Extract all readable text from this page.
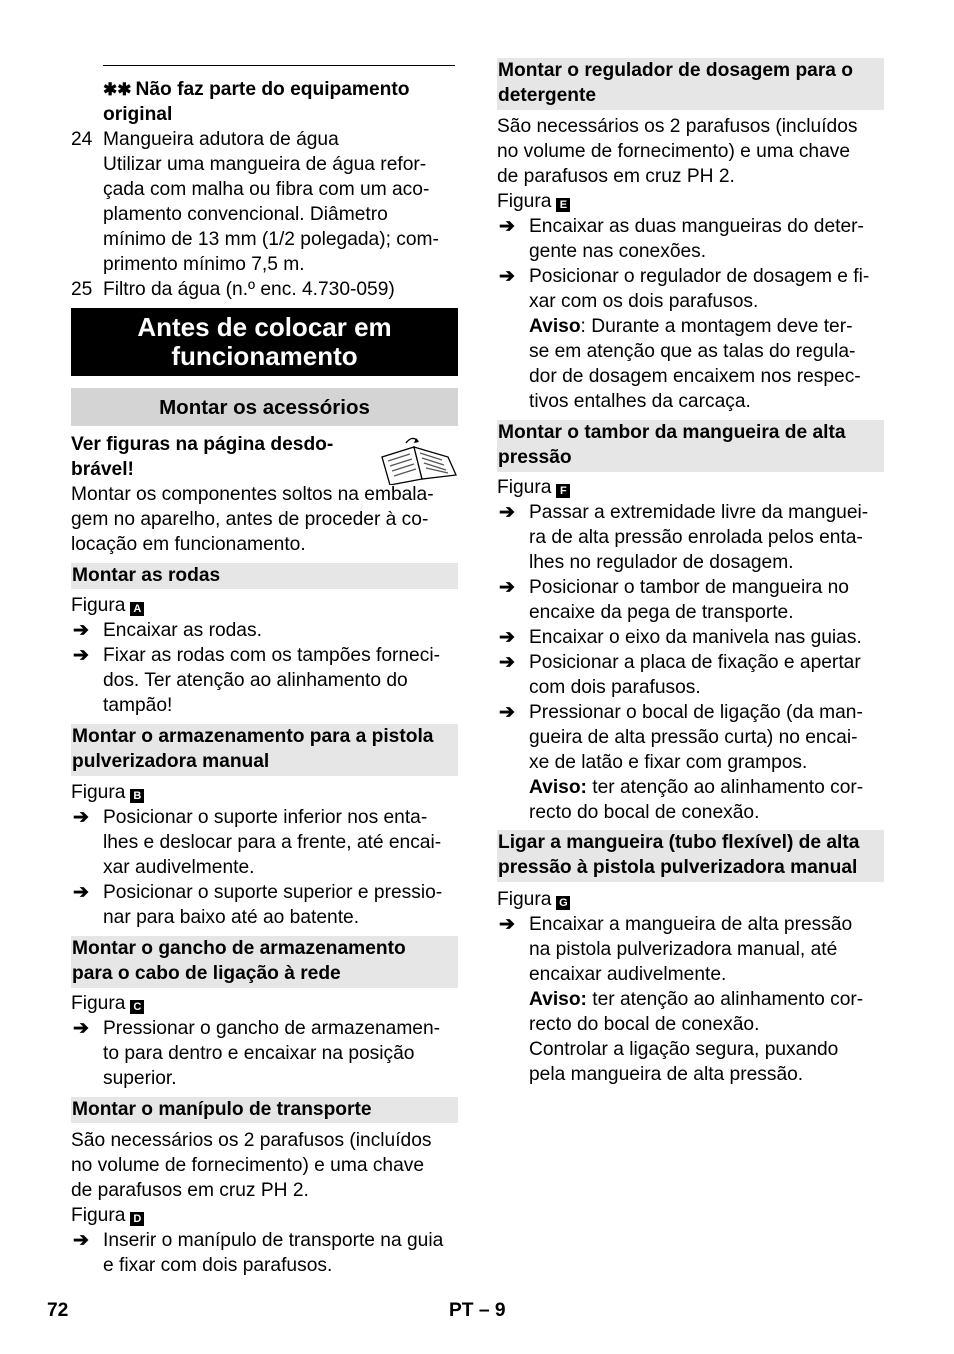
✱✱ Não faz parte do equipamento
original
24 Mangueira adutora de água
Utilizar uma mangueira de água refor-
çada com malha ou fibra com um aco-
plamento convencional. Diâmetro
mínimo de 13 mm (1/2 polegada); com-
primento mínimo 7,5 m.
25 Filtro da água (n.º enc. 4.730-059)
Antes de colocar em
funcionamento
Montar os acessórios
Ver figuras na página desdo-
brável!
Montar os componentes soltos na embala-
gem no aparelho, antes de proceder à co-
locação em funcionamento.
Montar as rodas
Figura A
➔ Encaixar as rodas.
➔ Fixar as rodas com os tampões forneci-
dos. Ter atenção ao alinhamento do
tampão!
Montar o armazenamento para a pistola
pulverizadora manual
Figura B
➔ Posicionar o suporte inferior nos enta-
lhes e deslocar para a frente, até encai-
xar audivelmente.
➔ Posicionar o suporte superior e pressio-
nar para baixo até ao batente.
Montar o gancho de armazenamento
para o cabo de ligação à rede
Figura C
➔ Pressionar o gancho de armazenamen-
to para dentro e encaixar na posição
superior.
Montar o manípulo de transporte
São necessários os 2 parafusos (incluídos
no volume de fornecimento) e uma chave
de parafusos em cruz PH 2.
Figura D
➔ Inserir o manípulo de transporte na guia
e fixar com dois parafusos.
Montar o regulador de dosagem para o
detergente
São necessários os 2 parafusos (incluídos
no volume de fornecimento) e uma chave
de parafusos em cruz PH 2.
Figura E
➔ Encaixar as duas mangueiras do deter-
gente nas conexões.
➔ Posicionar o regulador de dosagem e fi-
xar com os dois parafusos.
Aviso: Durante a montagem deve ter-
se em atenção que as talas do regula-
dor de dosagem encaixem nos respec-
tivos entalhes da carcaça.
Montar o tambor da mangueira de alta
pressão
Figura F
➔ Passar a extremidade livre da manguei-
ra de alta pressão enrolada pelos enta-
lhes no regulador de dosagem.
➔ Posicionar o tambor de mangueira no
encaixe da pega de transporte.
➔ Encaixar o eixo da manivela nas guias.
➔ Posicionar a placa de fixação e apertar
com dois parafusos.
➔ Pressionar o bocal de ligação (da man-
gueira de alta pressão curta) no encai-
xe de latão e fixar com grampos.
Aviso: ter atenção ao alinhamento cor-
recto do bocal de conexão.
Ligar a mangueira (tubo flexível) de alta
pressão à pistola pulverizadora manual
Figura G
➔ Encaixar a mangueira de alta pressão
na pistola pulverizadora manual, até
encaixar audivelmente.
Aviso: ter atenção ao alinhamento cor-
recto do bocal de conexão.
Controlar a ligação segura, puxando
pela mangueira de alta pressão.
72	PT – 9
